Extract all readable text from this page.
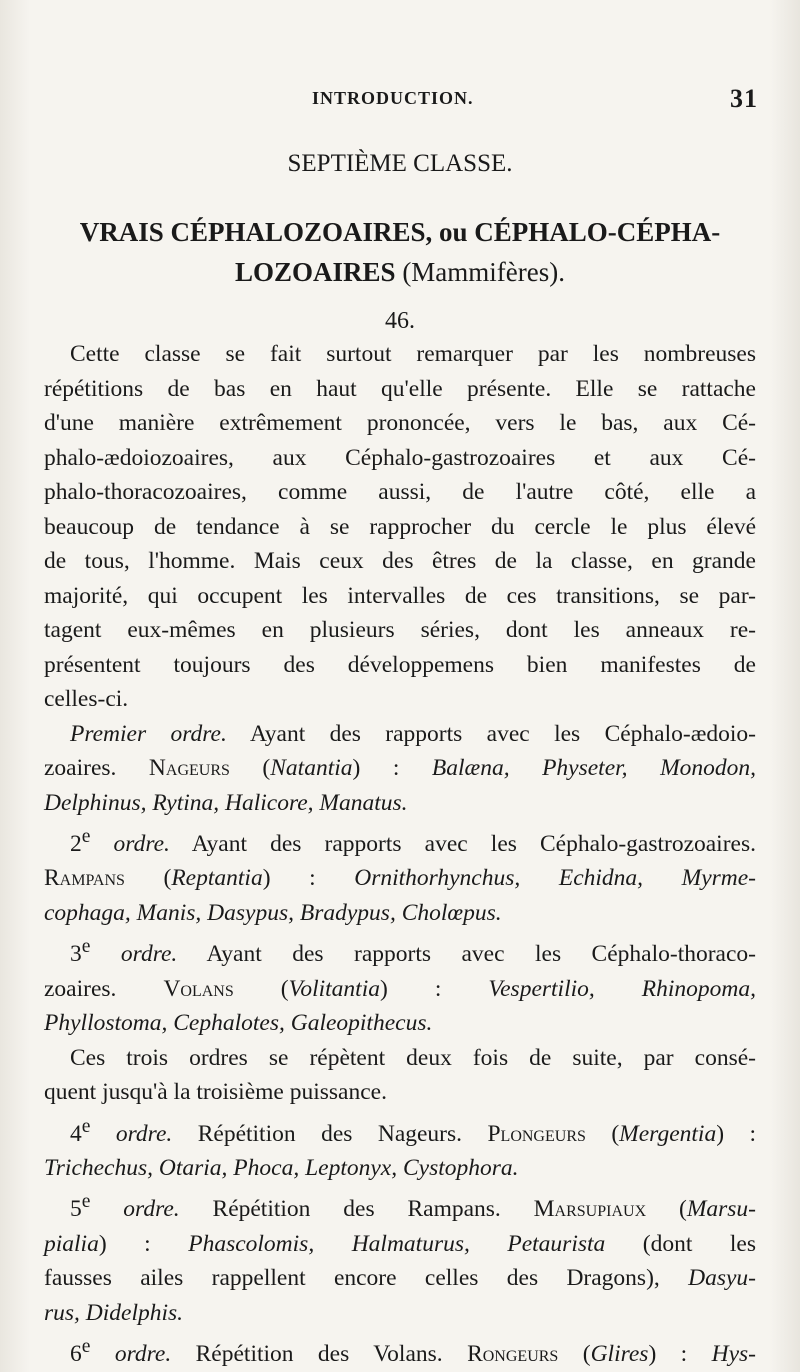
INTRODUCTION.	31
SEPTIÈME CLASSE.
VRAIS CÉPHALOZOAIRES, ou CÉPHALO-CÉPHA-
LOZOAIRES (Mammifères).
46.

Cette classe se fait surtout remarquer par les nombreuses
répétitions de bas en haut qu'elle présente. Elle se rattache
d'une manière extrêmement prononcée, vers le bas, aux Cé-
phalo-ædoiozoaires, aux Céphalo-gastrozoaires et aux Cé-
phalo-thoracozoaires, comme aussi, de l'autre côté, elle a
beaucoup de tendance à se rapprocher du cercle le plus élevé
de tous, l'homme. Mais ceux des êtres de la classe, en grande
majorité, qui occupent les intervalles de ces transitions, se par-
tagent eux-mêmes en plusieurs séries, dont les anneaux re-
présentent toujours des développemens bien manifestes de
celles-ci.

Premier ordre. Ayant des rapports avec les Céphalo-ædoio-
zoaires. Nageurs (Natantia) : Balæna, Physeter, Monodon,
Delphinus, Rytina, Halicore, Manatus.

2e ordre. Ayant des rapports avec les Céphalo-gastrozoaires.
Rampans (Reptantia) : Ornithorhynchus, Echidna, Myrme-
cophaga, Manis, Dasypus, Bradypus, Cholœpus.

3e ordre. Ayant des rapports avec les Céphalo-thoraco-
zoaires. Volans (Volitantia) : Vespertilio, Rhinopoma,
Phyllostoma, Cephalotes, Galeopithecus.

Ces trois ordres se répètent deux fois de suite, par consé-
quent jusqu'à la troisième puissance.

4e ordre. Répétition des Nageurs. Plongeurs (Mergentia) :
Trichechus, Otaria, Phoca, Leptonyx, Cystophora.

5e ordre. Répétition des Rampans. Marsupiaux (Marsu-
pialia) : Phascolomis, Halmaturus, Petaurista (dont les
fausses ailes rappellent encore celles des Dragons), Dasyu-
rus, Didelphis.

6e ordre. Répétition des Volans. Rongeurs (Glires) : Hys-
